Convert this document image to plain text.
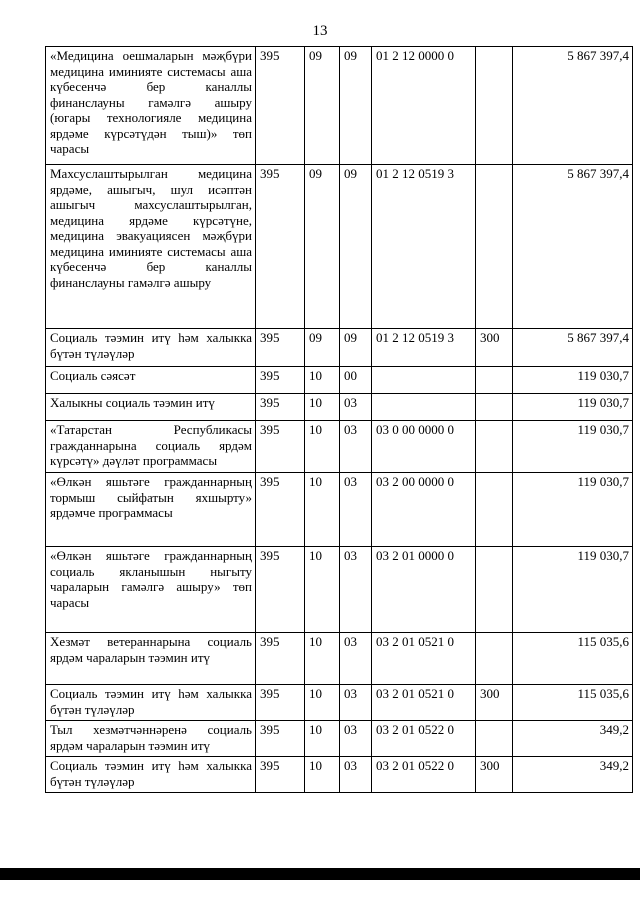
13
«Медицина оешмаларын мәҗбүри медицина иминияте системасы аша күбесенчә бер каналлы финанслауны гамәлгә ашыру (югары технологияле медицина ярдәме күрсәтүдән тыш)» төп чарасы	395	09	09	01 2 12 0000 0		5 867 397,4
Махсуслаштырылган медицина ярдәме, ашыгыч, шул исәптән ашыгыч махсуслаштырылган, медицина ярдәме күрсәтүне, медицина эвакуациясен мәҗбүри медицина иминияте системасы аша күбесенчә бер каналлы финанслауны гамәлгә ашыру	395	09	09	01 2 12 0519 3		5 867 397,4
Социаль тәэмин итү һәм халыкка бүтән түләүләр	395	09	09	01 2 12 0519 3	300	5 867 397,4
Социаль сәясәт	395	10	00			119 030,7
Халыкны социаль тәэмин итү	395	10	03			119 030,7
«Татарстан Республикасы гражданнарына социаль ярдәм күрсәтү» дәүләт программасы	395	10	03	03 0 00 0000 0		119 030,7
«Өлкән яшьтәге гражданнарның тормыш сыйфатын яхшырту» ярдәмче программасы	395	10	03	03 2 00 0000 0		119 030,7
«Өлкән яшьтәге гражданнарның социаль якланышын ныгыту чараларын гамәлгә ашыру» төп чарасы	395	10	03	03 2 01 0000 0		119 030,7
Хезмәт ветераннарына социаль ярдәм чараларын тәэмин итү	395	10	03	03 2 01 0521 0		115 035,6
Социаль тәэмин итү һәм халыкка бүтән түләүләр	395	10	03	03 2 01 0521 0	300	115 035,6
Тыл хезмәтчәннәренә социаль ярдәм чараларын тәэмин итү	395	10	03	03 2 01 0522 0		349,2
Социаль тәэмин итү һәм халыкка бүтән түләүләр	395	10	03	03 2 01 0522 0	300	349,2
